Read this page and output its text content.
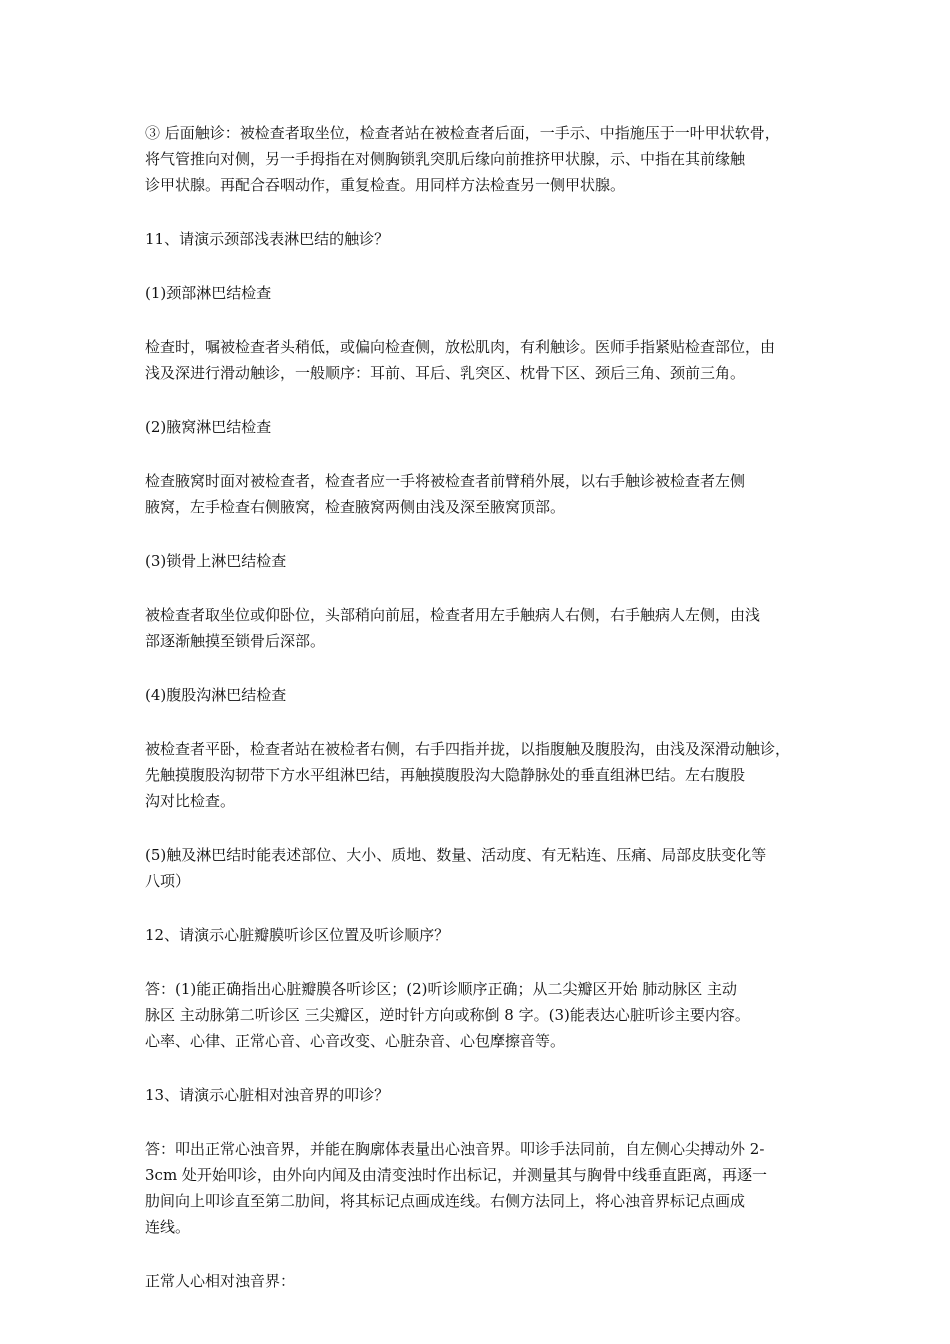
③ 后面触诊：被检查者取坐位，检查者站在被检查者后面，一手示、中指施压于一叶甲状软骨，
将气管推向对侧，另一手拇指在对侧胸锁乳突肌后缘向前推挤甲状腺，示、中指在其前缘触
诊甲状腺。再配合吞咽动作，重复检查。用同样方法检查另一侧甲状腺。

11、请演示颈部浅表淋巴结的触诊？

(1)颈部淋巴结检查

检查时，嘱被检查者头稍低，或偏向检查侧，放松肌肉，有利触诊。医师手指紧贴检查部位，由
浅及深进行滑动触诊，一般顺序：耳前、耳后、乳突区、枕骨下区、颈后三角、颈前三角。

(2)腋窝淋巴结检查

检查腋窝时面对被检查者，检查者应一手将被检查者前臂稍外展，以右手触诊被检查者左侧
腋窝，左手检查右侧腋窝，检查腋窝两侧由浅及深至腋窝顶部。

(3)锁骨上淋巴结检查

被检查者取坐位或仰卧位，头部稍向前屈，检查者用左手触病人右侧，右手触病人左侧，由浅
部逐渐触摸至锁骨后深部。

(4)腹股沟淋巴结检查

被检查者平卧，检查者站在被检者右侧，右手四指并拢，以指腹触及腹股沟，由浅及深滑动触诊，
先触摸腹股沟韧带下方水平组淋巴结，再触摸腹股沟大隐静脉处的垂直组淋巴结。左右腹股
沟对比检查。

(5)触及淋巴结时能表述部位、大小、质地、数量、活动度、有无粘连、压痛、局部皮肤变化等
八项）

12、请演示心脏瓣膜听诊区位置及听诊顺序？

答：(1)能正确指出心脏瓣膜各听诊区；(2)听诊顺序正确；从二尖瓣区开始 肺动脉区 主动
脉区 主动脉第二听诊区 三尖瓣区，逆时针方向或称倒 8 字。(3)能表达心脏听诊主要内容。
心率、心律、正常心音、心音改变、心脏杂音、心包摩擦音等。

13、请演示心脏相对浊音界的叩诊？

答：叩出正常心浊音界，并能在胸廓体表量出心浊音界。叩诊手法同前，自左侧心尖搏动外 2-
3cm 处开始叩诊，由外向内闻及由清变浊时作出标记，并测量其与胸骨中线垂直距离，再逐一
肋间向上叩诊直至第二肋间，将其标记点画成连线。右侧方法同上，将心浊音界标记点画成
连线。

正常人心相对浊音界：
